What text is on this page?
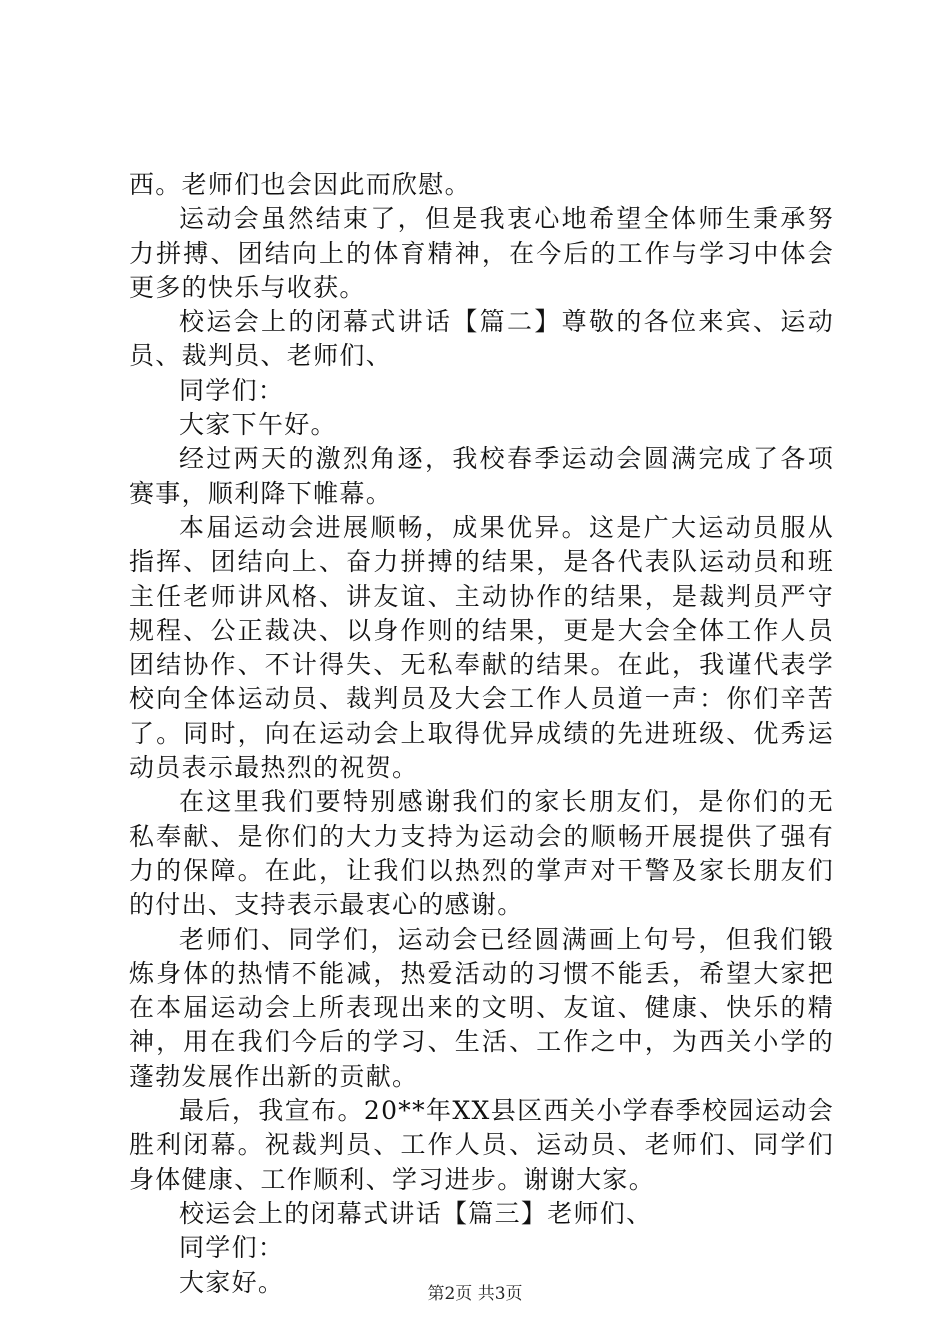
西。老师们也会因此而欣慰。

运动会虽然结束了，但是我衷心地希望全体师生秉承努力拼搏、团结向上的体育精神，在今后的工作与学习中体会更多的快乐与收获。

校运会上的闭幕式讲话【篇二】尊敬的各位来宾、运动员、裁判员、老师们、

同学们：

大家下午好。

经过两天的激烈角逐，我校春季运动会圆满完成了各项赛事，顺利降下帷幕。

本届运动会进展顺畅，成果优异。这是广大运动员服从指挥、团结向上、奋力拼搏的结果，是各代表队运动员和班主任老师讲风格、讲友谊、主动协作的结果，是裁判员严守规程、公正裁决、以身作则的结果，更是大会全体工作人员团结协作、不计得失、无私奉献的结果。在此，我谨代表学校向全体运动员、裁判员及大会工作人员道一声：你们辛苦了。同时，向在运动会上取得优异成绩的先进班级、优秀运动员表示最热烈的祝贺。

在这里我们要特别感谢我们的家长朋友们，是你们的无私奉献、是你们的大力支持为运动会的顺畅开展提供了强有力的保障。在此，让我们以热烈的掌声对干警及家长朋友们的付出、支持表示最衷心的感谢。

老师们、同学们，运动会已经圆满画上句号，但我们锻炼身体的热情不能减，热爱活动的习惯不能丢，希望大家把在本届运动会上所表现出来的文明、友谊、健康、快乐的精神，用在我们今后的学习、生活、工作之中，为西关小学的蓬勃发展作出新的贡献。

最后，我宣布。20**年XX县区西关小学春季校园运动会胜利闭幕。祝裁判员、工作人员、运动员、老师们、同学们身体健康、工作顺利、学习进步。谢谢大家。

校运会上的闭幕式讲话【篇三】老师们、

同学们：

大家好。	第2页 共3页
